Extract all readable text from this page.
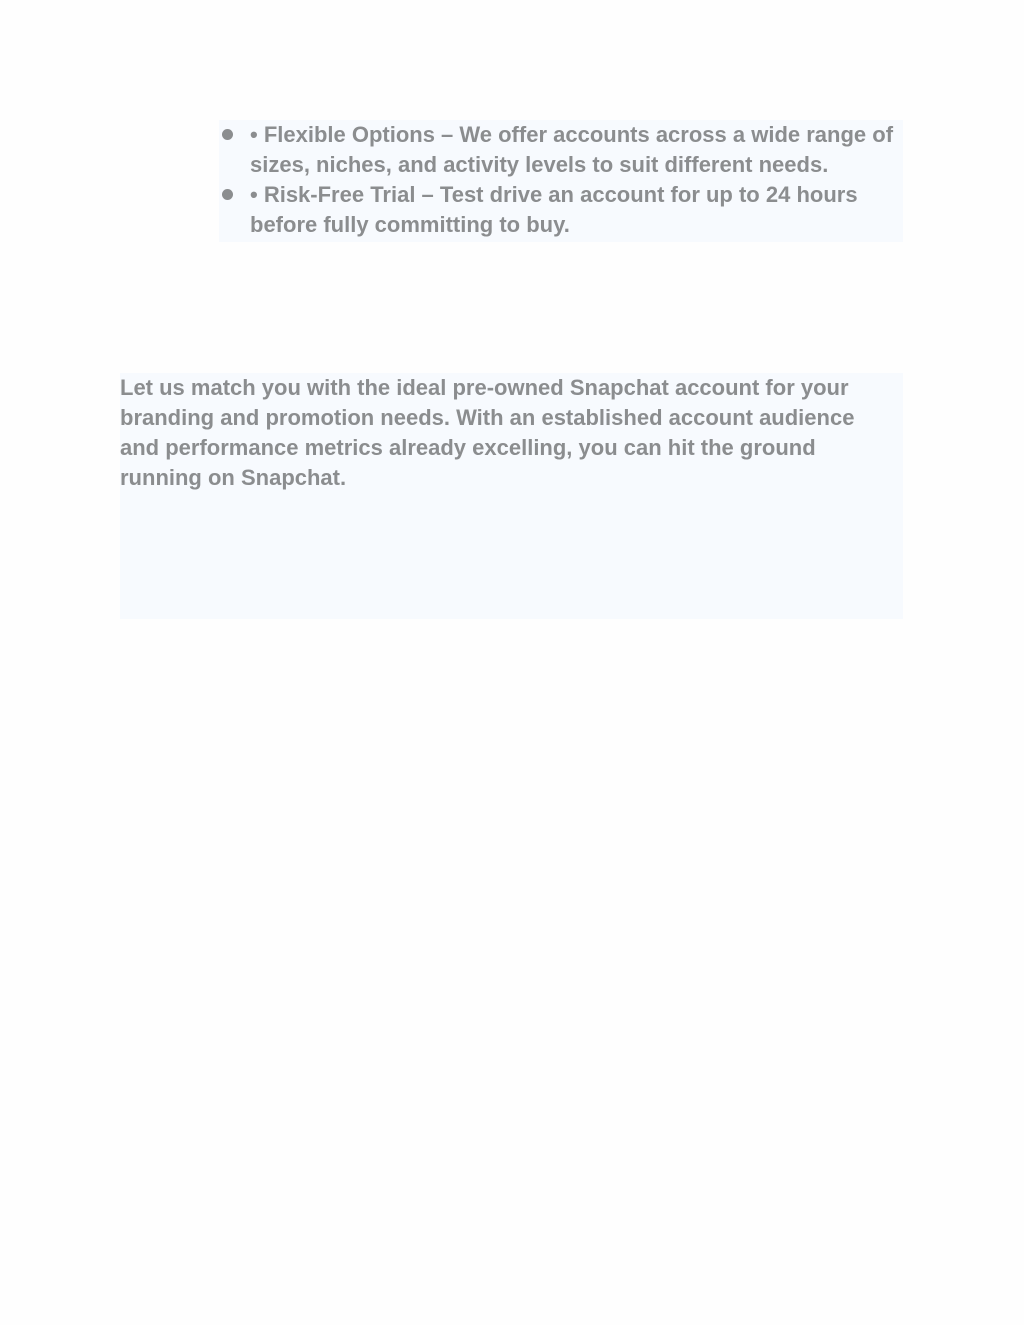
• Flexible Options – We offer accounts across a wide range of sizes, niches, and activity levels to suit different needs.
• Risk-Free Trial – Test drive an account for up to 24 hours before fully committing to buy.

Let us match you with the ideal pre-owned Snapchat account for your branding and promotion needs. With an established account audience and performance metrics already excelling, you can hit the ground running on Snapchat.
